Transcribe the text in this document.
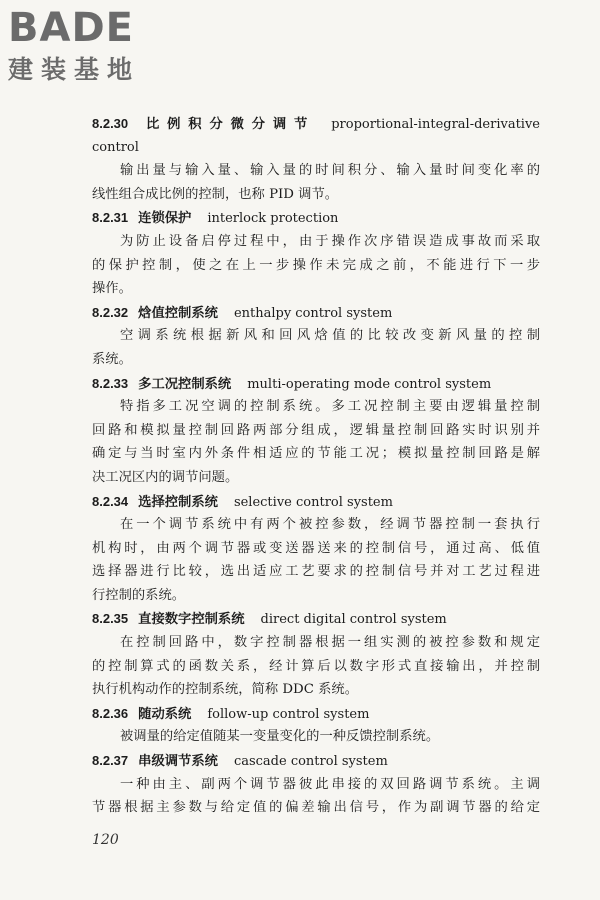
BADE
建装基地
8.2.30 比例积分微分调节 proportional-integral-derivative
control
输出量与输入量、输入量的时间积分、输入量时间变化率的
线性组合成比例的控制，也称 PID 调节。
8.2.31 连锁保护 interlock protection
为防止设备启停过程中，由于操作次序错误造成事故而采取
的保护控制，使之在上一步操作未完成之前，不能进行下一步
操作。
8.2.32 焓值控制系统 enthalpy control system
空调系统根据新风和回风焓值的比较改变新风量的控制
系统。
8.2.33 多工况控制系统 multi-operating mode control system
特指多工况空调的控制系统。多工况控制主要由逻辑量控制
回路和模拟量控制回路两部分组成，逻辑量控制回路实时识别并
确定与当时室内外条件相适应的节能工况；模拟量控制回路是解
决工况区内的调节问题。
8.2.34 选择控制系统 selective control system
在一个调节系统中有两个被控参数，经调节器控制一套执行
机构时，由两个调节器或变送器送来的控制信号，通过高、低值
选择器进行比较，选出适应工艺要求的控制信号并对工艺过程进
行控制的系统。
8.2.35 直接数字控制系统 direct digital control system
在控制回路中，数字控制器根据一组实测的被控参数和规定
的控制算式的函数关系，经计算后以数字形式直接输出，并控制
执行机构动作的控制系统，简称 DDC 系统。
8.2.36 随动系统 follow-up control system
被调量的给定值随某一变量变化的一种反馈控制系统。
8.2.37 串级调节系统 cascade control system
一种由主、副两个调节器彼此串接的双回路调节系统。主调
节器根据主参数与给定值的偏差输出信号，作为副调节器的给定
120
